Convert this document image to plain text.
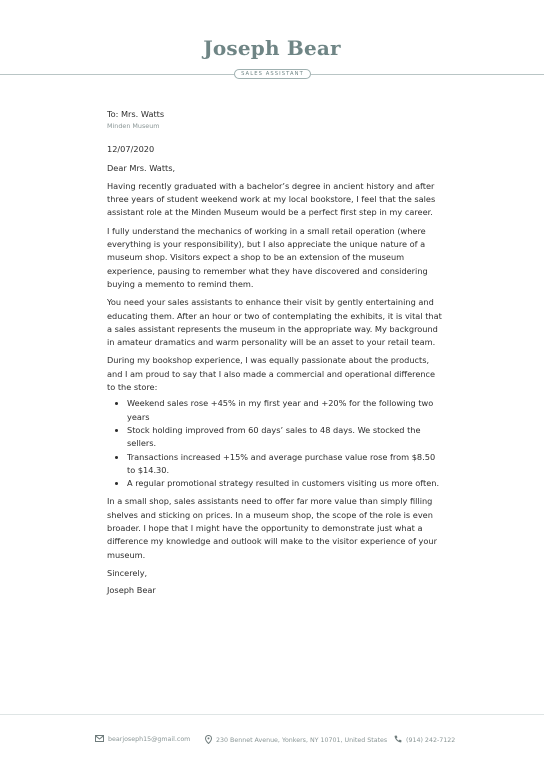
Joseph Bear
SALES ASSISTANT

To: Mrs. Watts

Minden Museum

12/07/2020

Dear Mrs. Watts,

Having recently graduated with a bachelor’s degree in ancient history and after three years of student weekend work at my local bookstore, I feel that the sales assistant role at the Minden Museum would be a perfect first step in my career.

I fully understand the mechanics of working in a small retail operation (where everything is your responsibility), but I also appreciate the unique nature of a museum shop. Visitors expect a shop to be an extension of the museum experience, pausing to remember what they have discovered and considering buying a memento to remind them.

You need your sales assistants to enhance their visit by gently entertaining and educating them. After an hour or two of contemplating the exhibits, it is vital that a sales assistant represents the museum in the appropriate way. My background in amateur dramatics and warm personality will be an asset to your retail team.

During my bookshop experience, I was equally passionate about the products, and I am proud to say that I also made a commercial and operational difference to the store:

• Weekend sales rose +45% in my first year and +20% for the following two years
• Stock holding improved from 60 days’ sales to 48 days. We stocked the sellers.
• Transactions increased +15% and average purchase value rose from $8.50 to $14.30.
• A regular promotional strategy resulted in customers visiting us more often.

In a small shop, sales assistants need to offer far more value than simply filling shelves and sticking on prices. In a museum shop, the scope of the role is even broader. I hope that I might have the opportunity to demonstrate just what a difference my knowledge and outlook will make to the visitor experience of your museum.

Sincerely,

Joseph Bear

bearjoseph15@gmail.com	230 Bennet Avenue, Yonkers, NY 10701, United States	(914) 242-7122
